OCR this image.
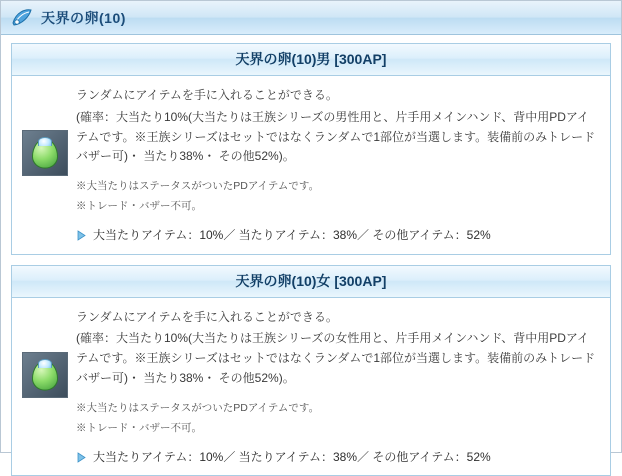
天界の卵(10)
天界の卵(10)男 [300AP]

ランダムにアイテムを手に入れることができる。

(確率：大当たり10%(大当たりは王族シリーズの男性用と、片手用メインハンド、背中用PDアイテムです。※王族シリーズはセットではなくランダムで1部位が当選します。装備前のみトレードバザー可)・ 当たり38%・ その他52%)。

※大当たりはステータスがついたPDアイテムです。

※トレード・バザー不可。

大当たりアイテム：10%／ 当たりアイテム：38%／ その他アイテム：52%
天界の卵(10)女 [300AP]

ランダムにアイテムを手に入れることができる。

(確率：大当たり10%(大当たりは王族シリーズの女性用と、片手用メインハンド、背中用PDアイテムです。※王族シリーズはセットではなくランダムで1部位が当選します。装備前のみトレードバザー可)・ 当たり38%・ その他52%)。

※大当たりはステータスがついたPDアイテムです。

※トレード・バザー不可。

大当たりアイテム：10%／ 当たりアイテム：38%／ その他アイテム：52%
